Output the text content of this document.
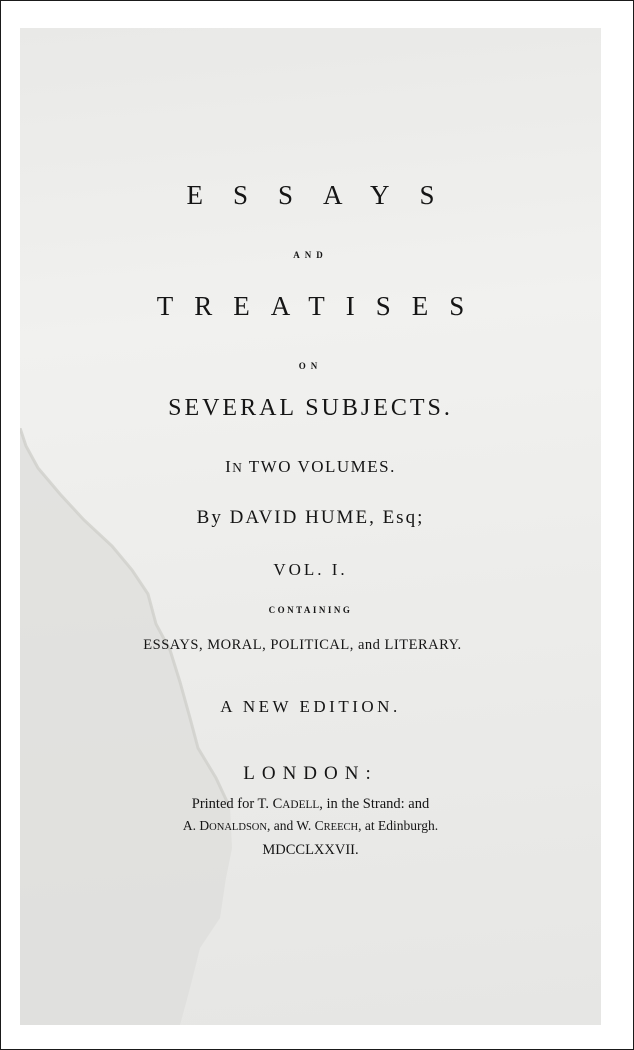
ESSAYS

AND

TREATISES

ON

SEVERAL SUBJECTS.

IN TWO VOLUMES.

By DAVID HUME, Esq;

VOL. I.

CONTAINING

ESSAYS, MORAL, POLITICAL, and LITERARY.

A NEW EDITION.

LONDON:

Printed for T. CADELL, in the Strand: and

A. DONALDSON, and W. CREECH, at Edinburgh.

MDCCLXXVII.
